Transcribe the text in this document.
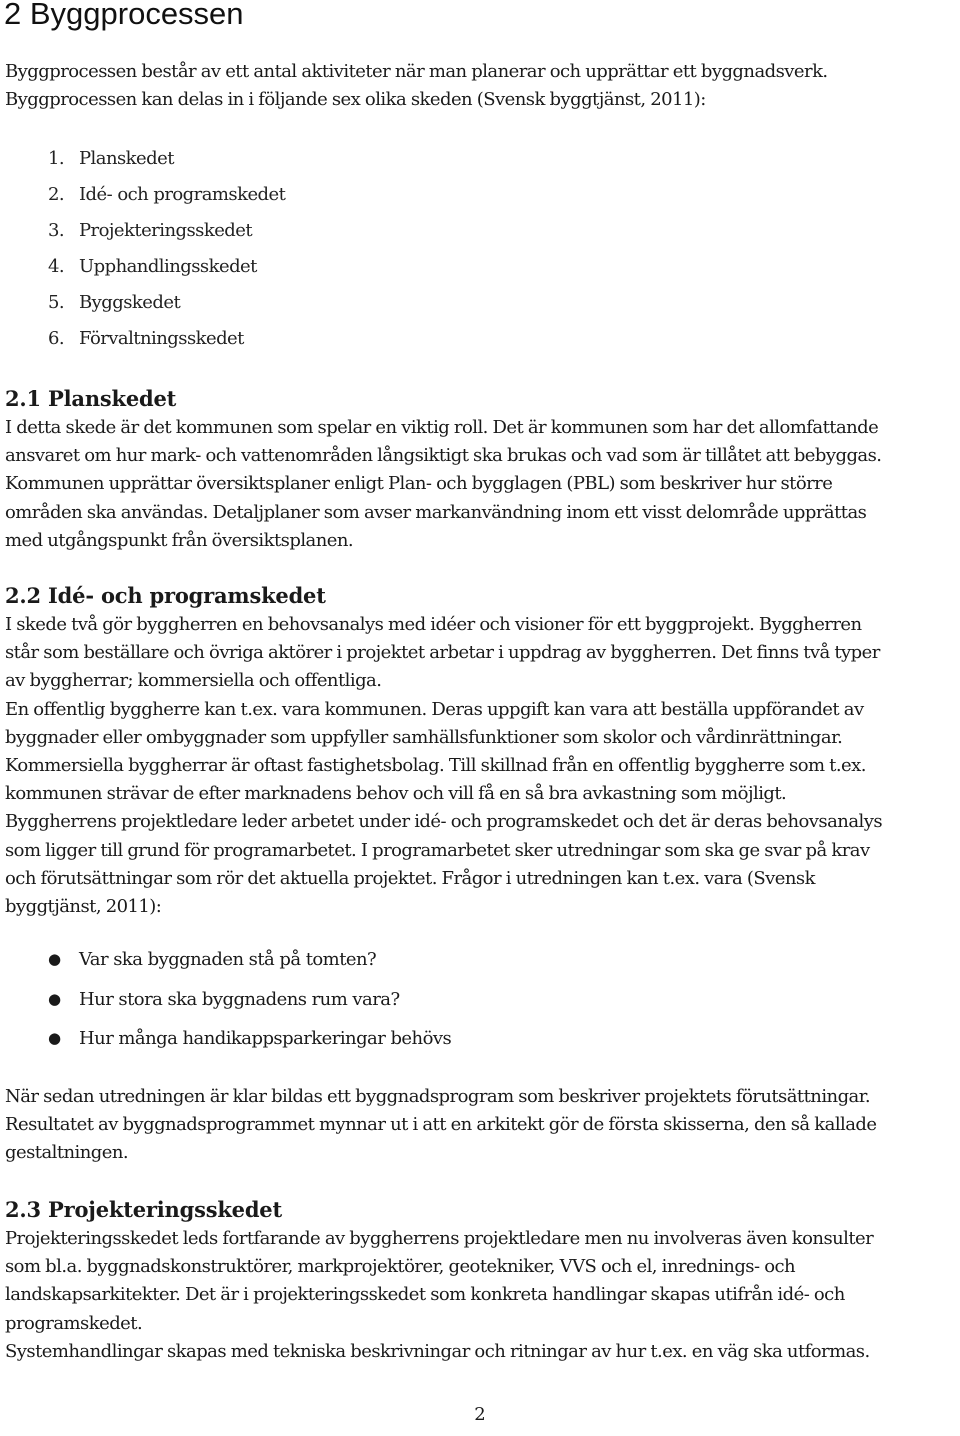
2 Byggprocessen

Byggprocessen består av ett antal aktiviteter när man planerar och upprättar ett byggnadsverk.

Byggprocessen kan delas in i följande sex olika skeden (Svensk byggtjänst, 2011):

1. Planskedet
2. Idé- och programskedet
3. Projekteringsskedet
4. Upphandlingsskedet
5. Byggskedet
6. Förvaltningsskedet
2.1 Planskedet

I detta skede är det kommunen som spelar en viktig roll. Det är kommunen som har det allomfattande

ansvaret om hur mark- och vattenområden långsiktigt ska brukas och vad som är tillåtet att bebyggas.

Kommunen upprättar översiktsplaner enligt Plan- och bygglagen (PBL) som beskriver hur större

områden ska användas. Detaljplaner som avser markanvändning inom ett visst delområde upprättas

med utgångspunkt från översiktsplanen.

2.2 Idé- och programskedet

I skede två gör byggherren en behovsanalys med idéer och visioner för ett byggprojekt. Byggherren

står som beställare och övriga aktörer i projektet arbetar i uppdrag av byggherren. Det finns två typer

av byggherrar; kommersiella och offentliga.

En offentlig byggherre kan t.ex. vara kommunen. Deras uppgift kan vara att beställa uppförandet av

byggnader eller ombyggnader som uppfyller samhällsfunktioner som skolor och vårdinrättningar.

Kommersiella byggherrar är oftast fastighetsbolag. Till skillnad från en offentlig byggherre som t.ex.

kommunen strävar de efter marknadens behov och vill få en så bra avkastning som möjligt.

Byggherrens projektledare leder arbetet under idé- och programskedet och det är deras behovsanalys

som ligger till grund för programarbetet. I programarbetet sker utredningar som ska ge svar på krav

och förutsättningar som rör det aktuella projektet. Frågor i utredningen kan t.ex. vara (Svensk

byggtjänst, 2011):

● Var ska byggnaden stå på tomten?
● Hur stora ska byggnadens rum vara?
● Hur många handikappsparkeringar behövs

När sedan utredningen är klar bildas ett byggnadsprogram som beskriver projektets förutsättningar.

Resultatet av byggnadsprogrammet mynnar ut i att en arkitekt gör de första skisserna, den så kallade

gestaltningen.

2.3 Projekteringsskedet

Projekteringsskedet leds fortfarande av byggherrens projektledare men nu involveras även konsulter

som bl.a. byggnadskonstruktörer, markprojektörer, geotekniker, VVS och el, inrednings- och

landskapsarkitekter. Det är i projekteringsskedet som konkreta handlingar skapas utifrån idé- och

programskedet.

Systemhandlingar skapas med tekniska beskrivningar och ritningar av hur t.ex. en väg ska utformas.

2
